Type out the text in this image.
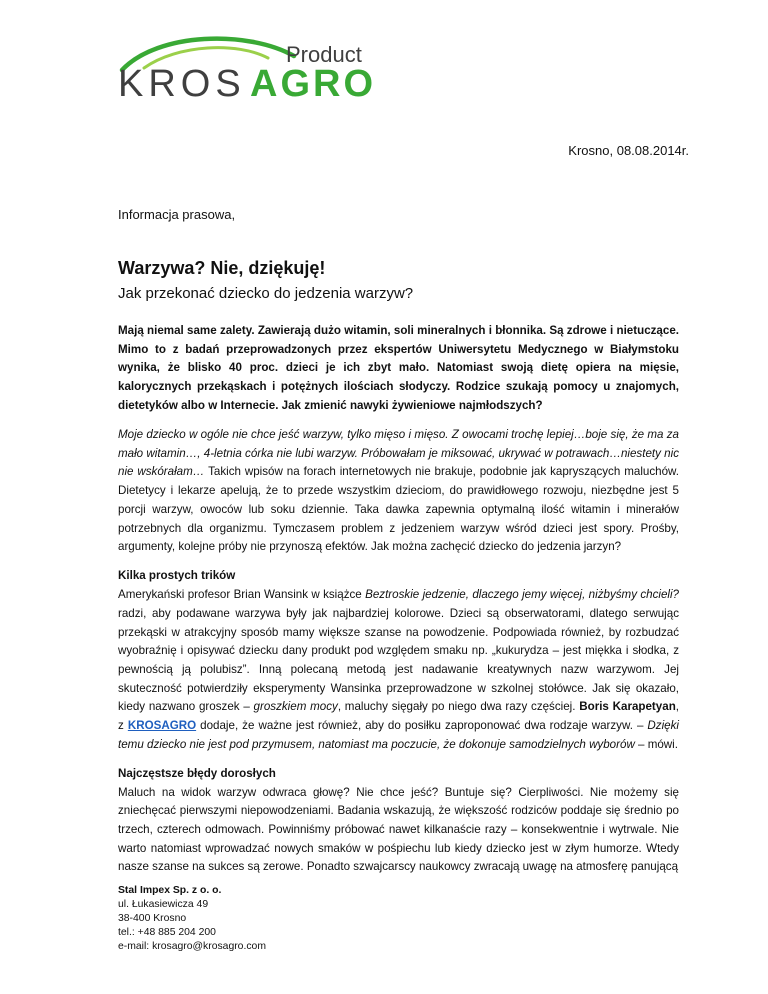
Product
KROS AGRO
Krosno, 08.08.2014r.
Informacja prasowa,
Warzywa? Nie, dziękuję!
Jak przekonać dziecko do jedzenia warzyw?

Mają niemal same zalety. Zawierają dużo witamin, soli mineralnych i błonnika. Są zdrowe i nietuczące. Mimo to z badań przeprowadzonych przez ekspertów Uniwersytetu Medycznego w Białymstoku wynika, że blisko 40 proc. dzieci je ich zbyt mało. Natomiast swoją dietę opiera na mięsie, kalorycznych przekąskach i potężnych ilościach słodyczy. Rodzice szukają pomocy u znajomych, dietetyków albo w Internecie. Jak zmienić nawyki żywieniowe najmłodszych?

Moje dziecko w ogóle nie chce jeść warzyw, tylko mięso i mięso. Z owocami trochę lepiej…boje się, że ma za mało witamin…, 4-letnia córka nie lubi warzyw. Próbowałam je miksować, ukrywać w potrawach…niestety nic nie wskórałam… Takich wpisów na forach internetowych nie brakuje, podobnie jak kapryszących maluchów. Dietetycy i lekarze apelują, że to przede wszystkim dzieciom, do prawidłowego rozwoju, niezbędne jest 5 porcji warzyw, owoców lub soku dziennie. Taka dawka zapewnia optymalną ilość witamin i minerałów potrzebnych dla organizmu. Tymczasem problem z jedzeniem warzyw wśród dzieci jest spory. Prośby, argumenty, kolejne próby nie przynoszą efektów. Jak można zachęcić dziecko do jedzenia jarzyn?

Kilka prostych trików

Amerykański profesor Brian Wansink w książce Beztroskie jedzenie, dlaczego jemy więcej, niżbyśmy chcieli? radzi, aby podawane warzywa były jak najbardziej kolorowe. Dzieci są obserwatorami, dlatego serwując przekąski w atrakcyjny sposób mamy większe szanse na powodzenie. Podpowiada również, by rozbudzać wyobraźnię i opisywać dziecku dany produkt pod względem smaku np. „kukurydza – jest miękka i słodka, z pewnością ją polubisz”. Inną polecaną metodą jest nadawanie kreatywnych nazw warzywom. Jej skuteczność potwierdziły eksperymenty Wansinka przeprowadzone w szkolnej stołówce. Jak się okazało, kiedy nazwano groszek – groszkiem mocy, maluchy sięgały po niego dwa razy częściej. Boris Karapetyan, z KROSAGRO dodaje, że ważne jest również, aby do posiłku zaproponować dwa rodzaje warzyw. – Dzięki temu dziecko nie jest pod przymusem, natomiast ma poczucie, że dokonuje samodzielnych wyborów – mówi.

Najczęstsze błędy dorosłych

Maluch na widok warzyw odwraca głowę? Nie chce jeść? Buntuje się? Cierpliwości. Nie możemy się zniechęcać pierwszymi niepowodzeniami. Badania wskazują, że większość rodziców poddaje się średnio po trzech, czterech odmowach. Powinniśmy próbować nawet kilkanaście razy – konsekwentnie i wytrwale. Nie warto natomiast wprowadzać nowych smaków w pośpiechu lub kiedy dziecko jest w złym humorze. Wtedy nasze szanse na sukces są zerowe. Ponadto szwajcarscy naukowcy zwracają uwagę na atmosferę panującą

Stal Impex Sp. z o. o.
ul. Łukasiewicza 49
38-400 Krosno
tel.: +48 885 204 200
e-mail: krosagro@krosagro.com
